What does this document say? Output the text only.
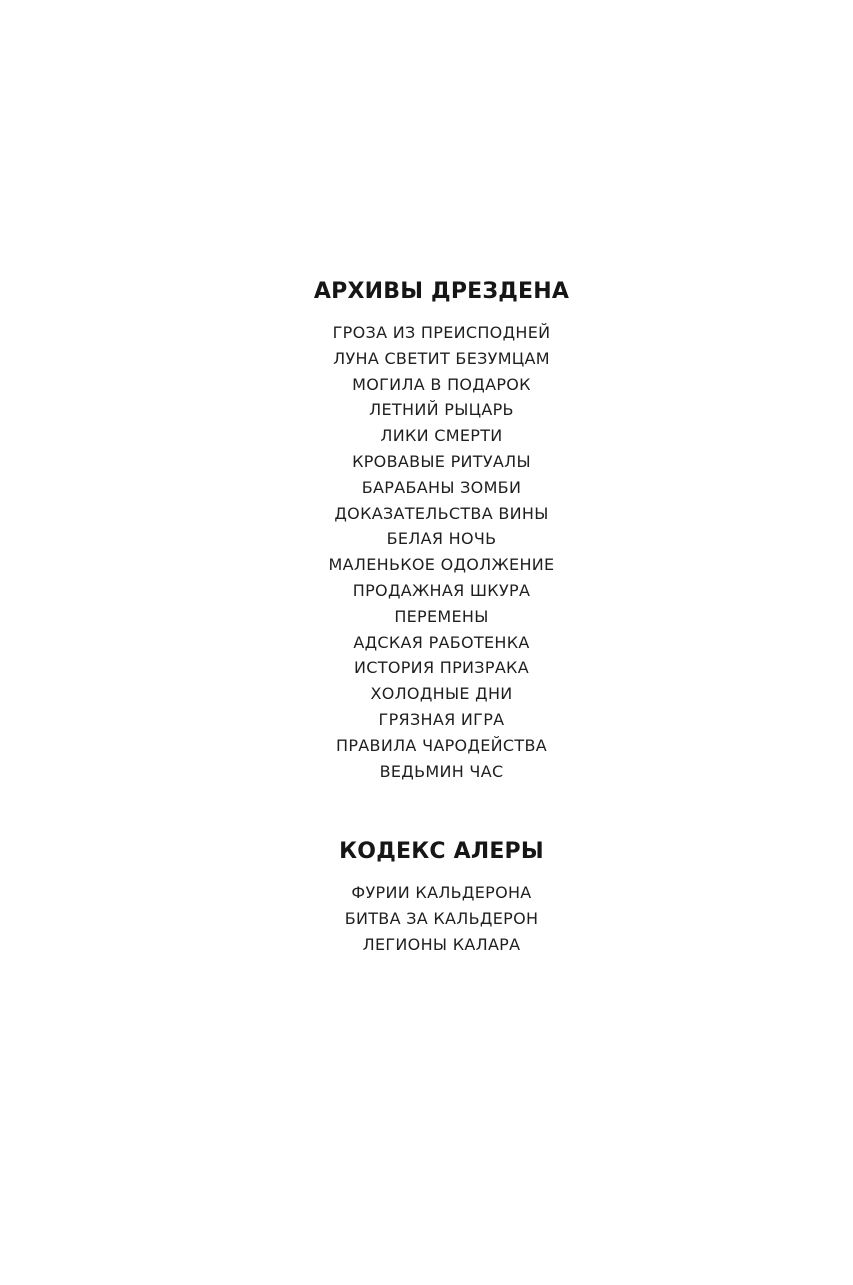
АРХИВЫ ДРЕЗДЕНА
ГРОЗА ИЗ ПРЕИСПОДНЕЙ
ЛУНА СВЕТИТ БЕЗУМЦАМ
МОГИЛА В ПОДАРОК
ЛЕТНИЙ РЫЦАРЬ
ЛИКИ СМЕРТИ
КРОВАВЫЕ РИТУАЛЫ
БАРАБАНЫ ЗОМБИ
ДОКАЗАТЕЛЬСТВА ВИНЫ
БЕЛАЯ НОЧЬ
МАЛЕНЬКОЕ ОДОЛЖЕНИЕ
ПРОДАЖНАЯ ШКУРА
ПЕРЕМЕНЫ
АДСКАЯ РАБОТЕНКА
ИСТОРИЯ ПРИЗРАКА
ХОЛОДНЫЕ ДНИ
ГРЯЗНАЯ ИГРА
ПРАВИЛА ЧАРОДЕЙСТВА
ВЕДЬМИН ЧАС
КОДЕКС АЛЕРЫ
ФУРИИ КАЛЬДЕРОНА
БИТВА ЗА КАЛЬДЕРОН
ЛЕГИОНЫ КАЛАРА
